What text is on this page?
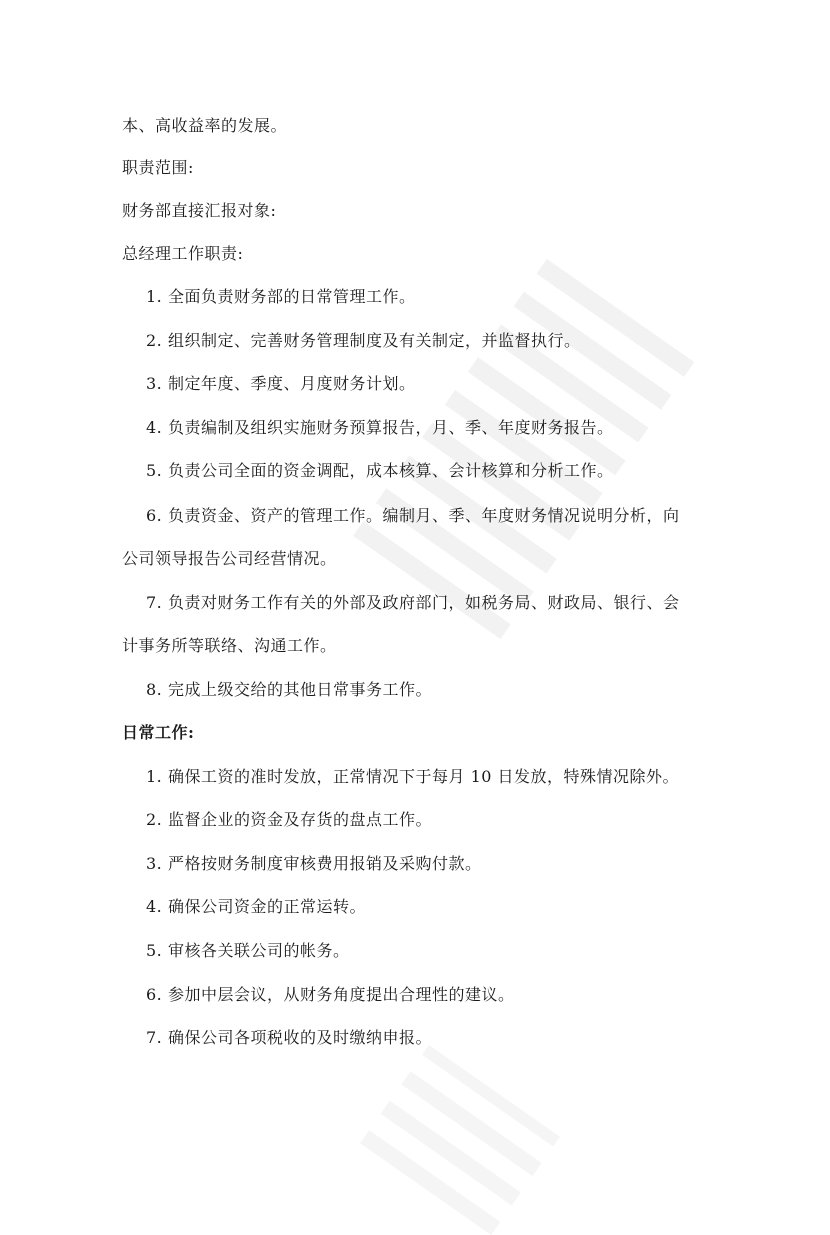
本、高收益率的发展。
职责范围:
财务部直接汇报对象:
总经理工作职责:
1. 全面负责财务部的日常管理工作。
2. 组织制定、完善财务管理制度及有关制定，并监督执行。
3. 制定年度、季度、月度财务计划。
4. 负责编制及组织实施财务预算报告，月、季、年度财务报告。
5. 负责公司全面的资金调配，成本核算、会计核算和分析工作。
6. 负责资金、资产的管理工作。编制月、季、年度财务情况说明分析，向
公司领导报告公司经营情况。
7. 负责对财务工作有关的外部及政府部门，如税务局、财政局、银行、会
计事务所等联络、沟通工作。
8. 完成上级交给的其他日常事务工作。
日常工作:
1. 确保工资的准时发放，正常情况下于每月 10 日发放，特殊情况除外。
2. 监督企业的资金及存货的盘点工作。
3. 严格按财务制度审核费用报销及采购付款。
4. 确保公司资金的正常运转。
5. 审核各关联公司的帐务。
6. 参加中层会议，从财务角度提出合理性的建议。
7. 确保公司各项税收的及时缴纳申报。
